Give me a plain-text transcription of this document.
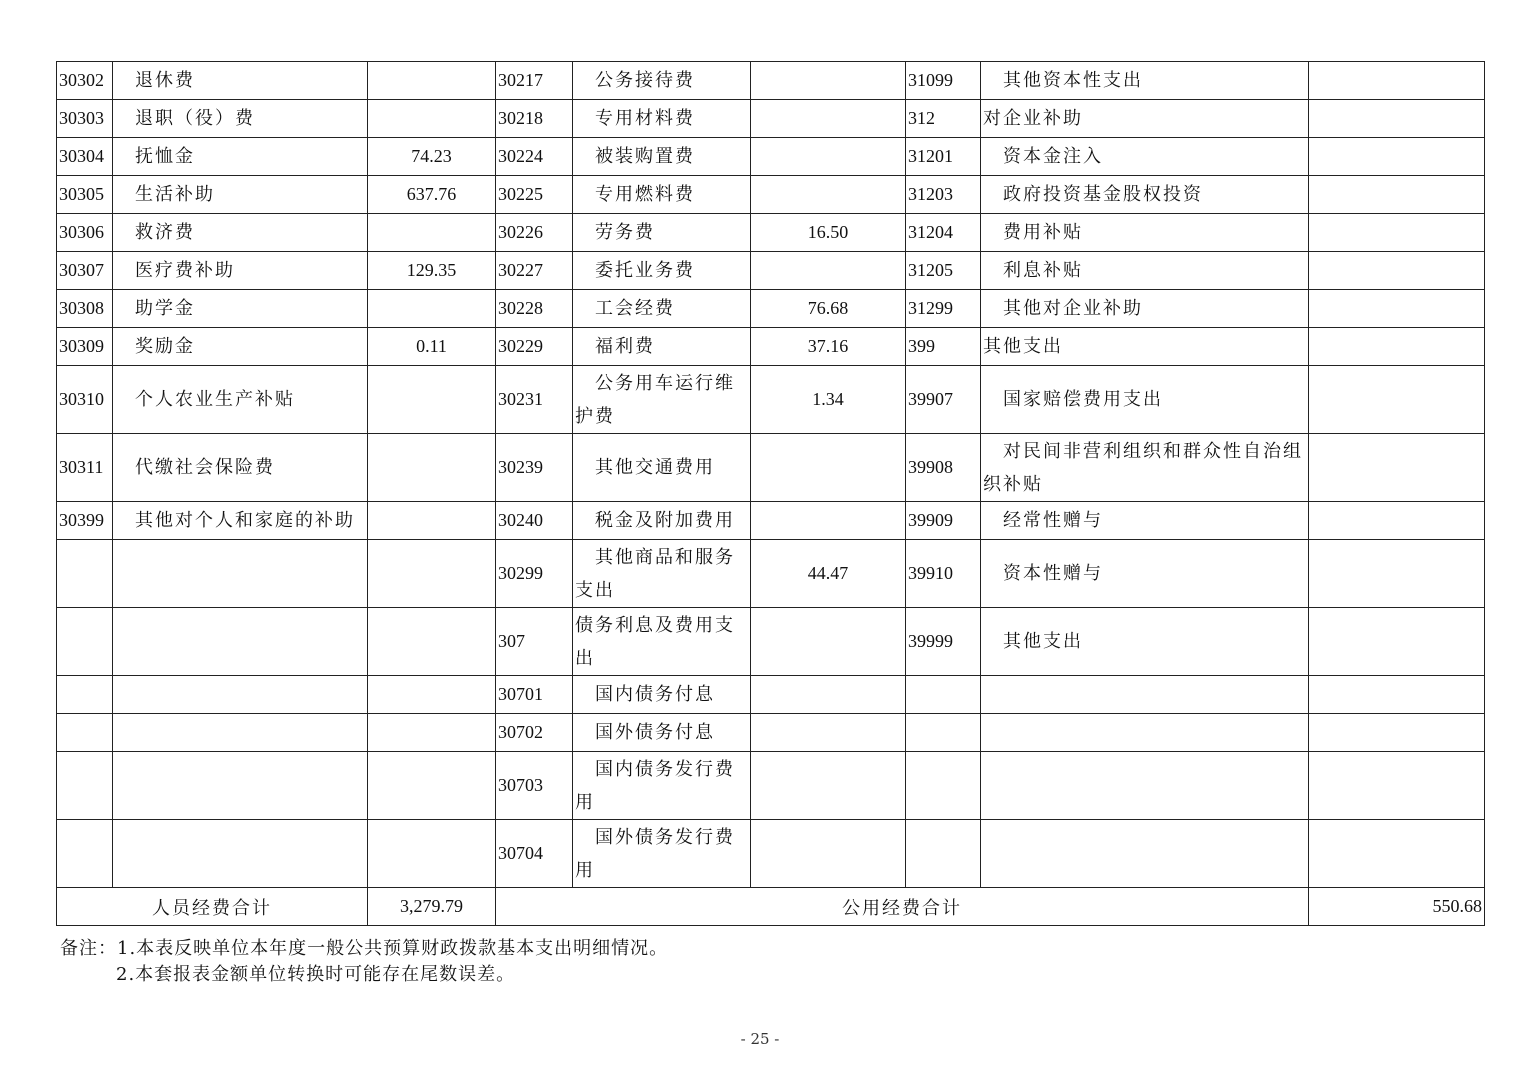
30302	退休费		30217	公务接待费		31099	其他资本性支出	
30303	退职（役）费		30218	专用材料费		312	对企业补助	
30304	抚恤金	74.23	30224	被装购置费		31201	资本金注入	
30305	生活补助	637.76	30225	专用燃料费		31203	政府投资基金股权投资	
30306	救济费		30226	劳务费	16.50	31204	费用补贴	
30307	医疗费补助	129.35	30227	委托业务费		31205	利息补贴	
30308	助学金		30228	工会经费	76.68	31299	其他对企业补助	
30309	奖励金	0.11	30229	福利费	37.16	399	其他支出	
30310	个人农业生产补贴		30231	公务用车运行维护费	1.34	39907	国家赔偿费用支出	
30311	代缴社会保险费		30239	其他交通费用		39908	对民间非营利组织和群众性自治组织补贴	
30399	其他对个人和家庭的补助		30240	税金及附加费用		39909	经常性赠与	
			30299	其他商品和服务支出	44.47	39910	资本性赠与	
			307	债务利息及费用支出		39999	其他支出	
			30701	国内债务付息				
			30702	国外债务付息				
			30703	国内债务发行费用				
			30704	国外债务发行费用				
人员经费合计		3,279.79	公用经费合计					550.68
备注：1.本表反映单位本年度一般公共预算财政拨款基本支出明细情况。
2.本套报表金额单位转换时可能存在尾数误差。
- 25 -
